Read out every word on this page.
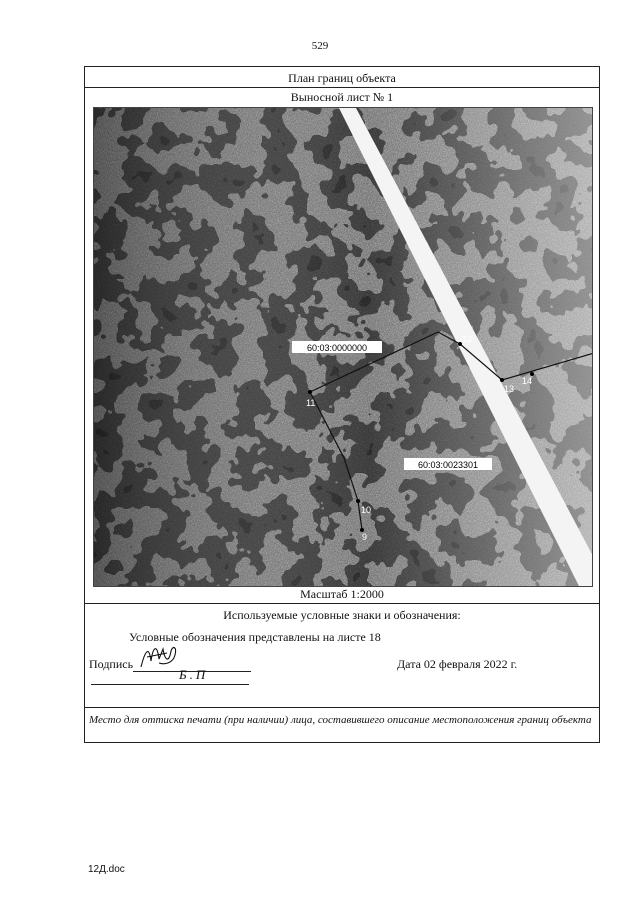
529
План границ объекта
Выносной лист № 1
60:03:0000000
60:03:0023301
11
12
13
14
10
9
Масштаб 1:2000
Используемые условные знаки и обозначения:
Условные обозначения представлены на листе 18
Подпись
Б.П
Дата 02 февраля 2022 г.
Место для оттиска печати (при наличии) лица, составившего описание местоположения границ объекта
12Д.doc
